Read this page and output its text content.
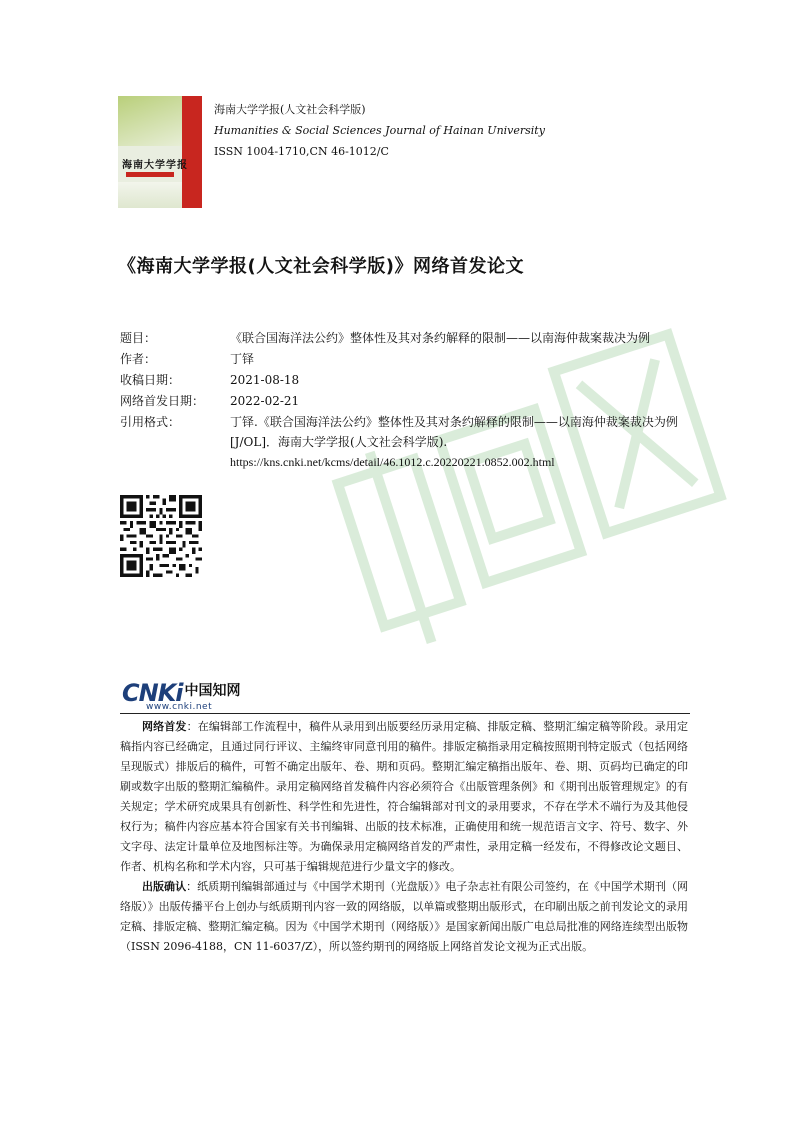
海南大学学报
海南大学学报(人文社会科学版)
Humanities & Social Sciences Journal of Hainan University
ISSN 1004-1710,CN 46-1012/C
《海南大学学报(人文社会科学版)》网络首发论文
题目：	《联合国海洋法公约》整体性及其对条约解释的限制——以南海仲裁案裁决为例
作者：	丁铎
收稿日期：	2021-08-18
网络首发日期：	2022-02-21
引用格式：	丁铎.《联合国海洋法公约》整体性及其对条约解释的限制——以南海仲裁案裁决为例[J/OL]．海南大学学报(人文社会科学版).
https://kns.cnki.net/kcms/detail/46.1012.c.20220221.0852.002.html
CNKi 中国知网
www.cnki.net

网络首发：在编辑部工作流程中，稿件从录用到出版要经历录用定稿、排版定稿、整期汇编定稿等阶段。录用定稿指内容已经确定，且通过同行评议、主编终审同意刊用的稿件。排版定稿指录用定稿按照期刊特定版式（包括网络呈现版式）排版后的稿件，可暂不确定出版年、卷、期和页码。整期汇编定稿指出版年、卷、期、页码均已确定的印刷或数字出版的整期汇编稿件。录用定稿网络首发稿件内容必须符合《出版管理条例》和《期刊出版管理规定》的有关规定；学术研究成果具有创新性、科学性和先进性，符合编辑部对刊文的录用要求，不存在学术不端行为及其他侵权行为；稿件内容应基本符合国家有关书刊编辑、出版的技术标准，正确使用和统一规范语言文字、符号、数字、外文字母、法定计量单位及地图标注等。为确保录用定稿网络首发的严肃性，录用定稿一经发布，不得修改论文题目、作者、机构名称和学术内容，只可基于编辑规范进行少量文字的修改。

出版确认：纸质期刊编辑部通过与《中国学术期刊（光盘版）》电子杂志社有限公司签约，在《中国学术期刊（网络版）》出版传播平台上创办与纸质期刊内容一致的网络版，以单篇或整期出版形式，在印刷出版之前刊发论文的录用定稿、排版定稿、整期汇编定稿。因为《中国学术期刊（网络版）》是国家新闻出版广电总局批准的网络连续型出版物（ISSN 2096-4188，CN 11-6037/Z），所以签约期刊的网络版上网络首发论文视为正式出版。
